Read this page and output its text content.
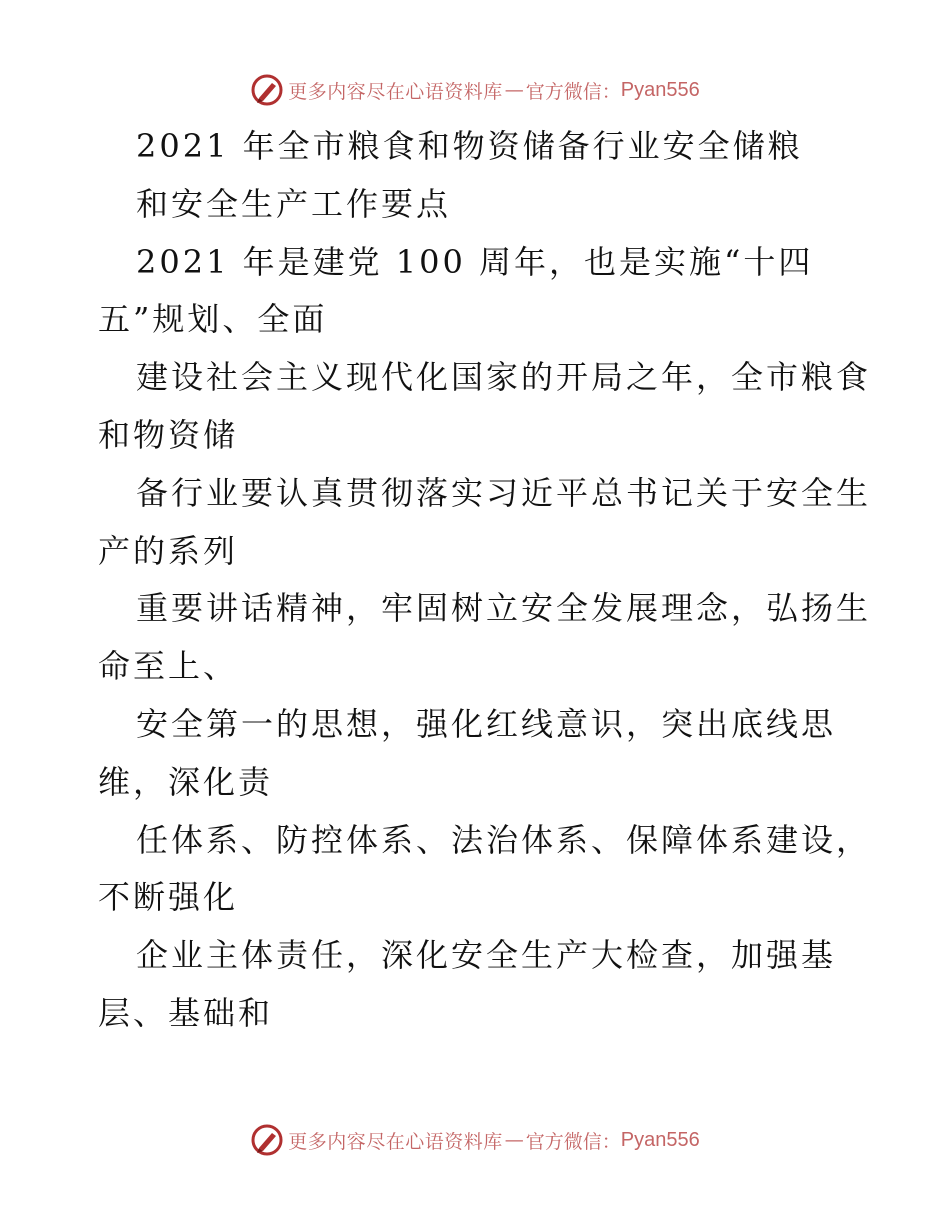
更多内容尽在心语资料库 — 官方微信： Pyan556
2021 年全市粮食和物资储备行业安全储粮
和安全生产工作要点
2021 年是建党 100 周年，也是实施“十四
五”规划、全面
建设社会主义现代化国家的开局之年，全市粮食
和物资储
备行业要认真贯彻落实习近平总书记关于安全生
产的系列
重要讲话精神，牢固树立安全发展理念，弘扬生
命至上、
安全第一的思想，强化红线意识，突出底线思
维，深化责
任体系、防控体系、法治体系、保障体系建设，
不断强化
企业主体责任，深化安全生产大检查，加强基
层、基础和
更多内容尽在心语资料库 — 官方微信： Pyan556
